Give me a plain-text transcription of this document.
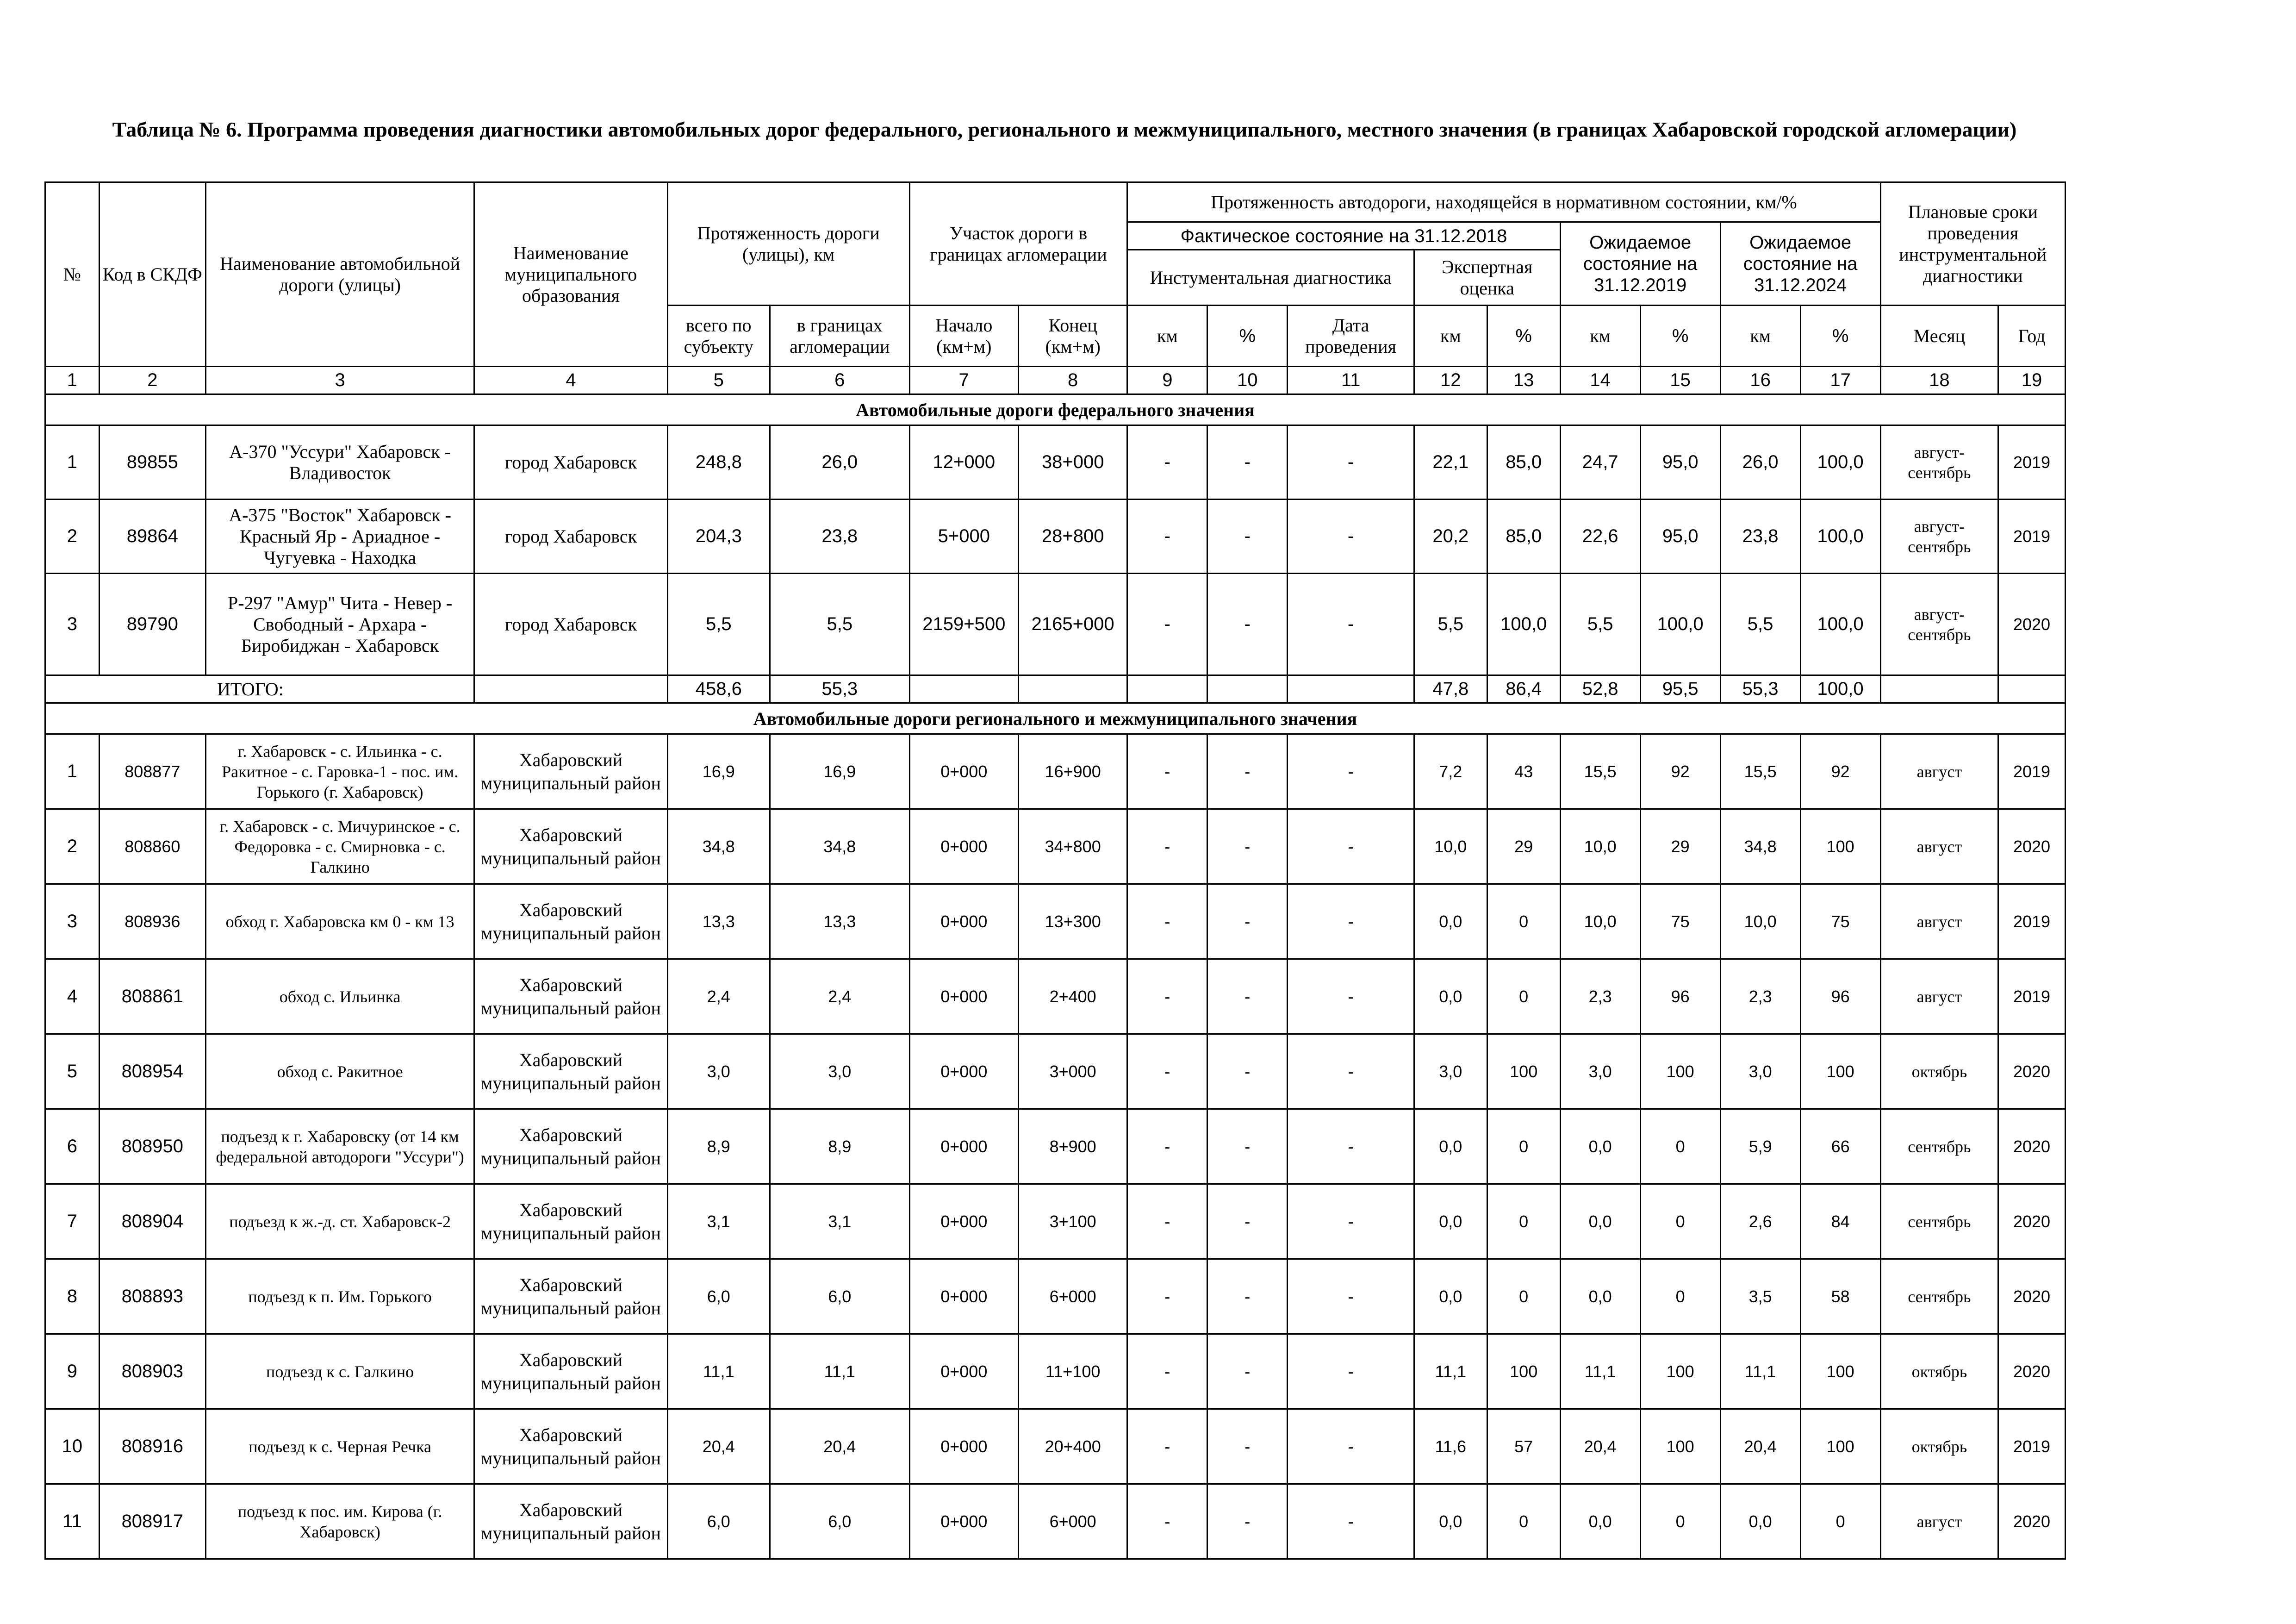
Таблица № 6. Программа проведения диагностики автомобильных дорог федерального, регионального и межмуниципального, местного значения (в границах Хабаровской городской агломерации)
№	Код в СКДФ	Наименование автомобильной дороги (улицы)	Наименование муниципального образования	Протяженность дороги (улицы), км		Участок дороги в границах агломерации		Протяженность автодороги, находящейся в нормативном состоянии, км/%									Плановые сроки проведения инструментальной диагностики	
								Фактическое состояние на 31.12.2018					Ожидаемое состояние на 31.12.2019		Ожидаемое состояние на 31.12.2024			
								Инстументальная диагностика			Экспертная оценка							
				всего по субъекту	в границах агломерации	Начало (км+м)	Конец (км+м)	км	%	Дата проведения	км	%	км	%	км	%	Месяц	Год
1	2	3	4	5	6	7	8	9	10	11	12	13	14	15	16	17	18	19
Автомобильные дороги федерального значения																		
1	89855	А-370 "Уссури" Хабаровск - Владивосток	город Хабаровск	248,8	26,0	12+000	38+000	-	-	-	22,1	85,0	24,7	95,0	26,0	100,0	август-сентябрь	2019
2	89864	А-375 "Восток" Хабаровск - Красный Яр - Ариадное - Чугуевка - Находка	город Хабаровск	204,3	23,8	5+000	28+800	-	-	-	20,2	85,0	22,6	95,0	23,8	100,0	август-сентябрь	2019
3	89790	Р-297 "Амур" Чита - Невер - Свободный - Архара - Биробиджан - Хабаровск	город Хабаровск	5,5	5,5	2159+500	2165+000	-	-	-	5,5	100,0	5,5	100,0	5,5	100,0	август-сентябрь	2020
ИТОГО:				458,6	55,3						47,8	86,4	52,8	95,5	55,3	100,0		
Автомобильные дороги регионального и межмуниципального значения																		
1	808877	г. Хабаровск - с. Ильинка - с. Ракитное - с. Гаровка-1 - пос. им. Горького (г. Хабаровск)	Хабаровский муниципальный район	16,9	16,9	0+000	16+900	-	-	-	7,2	43	15,5	92	15,5	92	август	2019
2	808860	г. Хабаровск - с. Мичуринское - с. Федоровка - с. Смирновка - с. Галкино	Хабаровский муниципальный район	34,8	34,8	0+000	34+800	-	-	-	10,0	29	10,0	29	34,8	100	август	2020
3	808936	обход г. Хабаровска км 0 - км 13	Хабаровский муниципальный район	13,3	13,3	0+000	13+300	-	-	-	0,0	0	10,0	75	10,0	75	август	2019
4	808861	обход с. Ильинка	Хабаровский муниципальный район	2,4	2,4	0+000	2+400	-	-	-	0,0	0	2,3	96	2,3	96	август	2019
5	808954	обход с. Ракитное	Хабаровский муниципальный район	3,0	3,0	0+000	3+000	-	-	-	3,0	100	3,0	100	3,0	100	октябрь	2020
6	808950	подъезд к г. Хабаровску (от 14 км федеральной автодороги "Уссури")	Хабаровский муниципальный район	8,9	8,9	0+000	8+900	-	-	-	0,0	0	0,0	0	5,9	66	сентябрь	2020
7	808904	подъезд к ж.-д. ст. Хабаровск-2	Хабаровский муниципальный район	3,1	3,1	0+000	3+100	-	-	-	0,0	0	0,0	0	2,6	84	сентябрь	2020
8	808893	подъезд к п. Им. Горького	Хабаровский муниципальный район	6,0	6,0	0+000	6+000	-	-	-	0,0	0	0,0	0	3,5	58	сентябрь	2020
9	808903	подъезд к с. Галкино	Хабаровский муниципальный район	11,1	11,1	0+000	11+100	-	-	-	11,1	100	11,1	100	11,1	100	октябрь	2020
10	808916	подъезд к с. Черная Речка	Хабаровский муниципальный район	20,4	20,4	0+000	20+400	-	-	-	11,6	57	20,4	100	20,4	100	октябрь	2019
11	808917	подъезд к пос. им. Кирова (г. Хабаровск)	Хабаровский муниципальный район	6,0	6,0	0+000	6+000	-	-	-	0,0	0	0,0	0	0,0	0	август	2020
